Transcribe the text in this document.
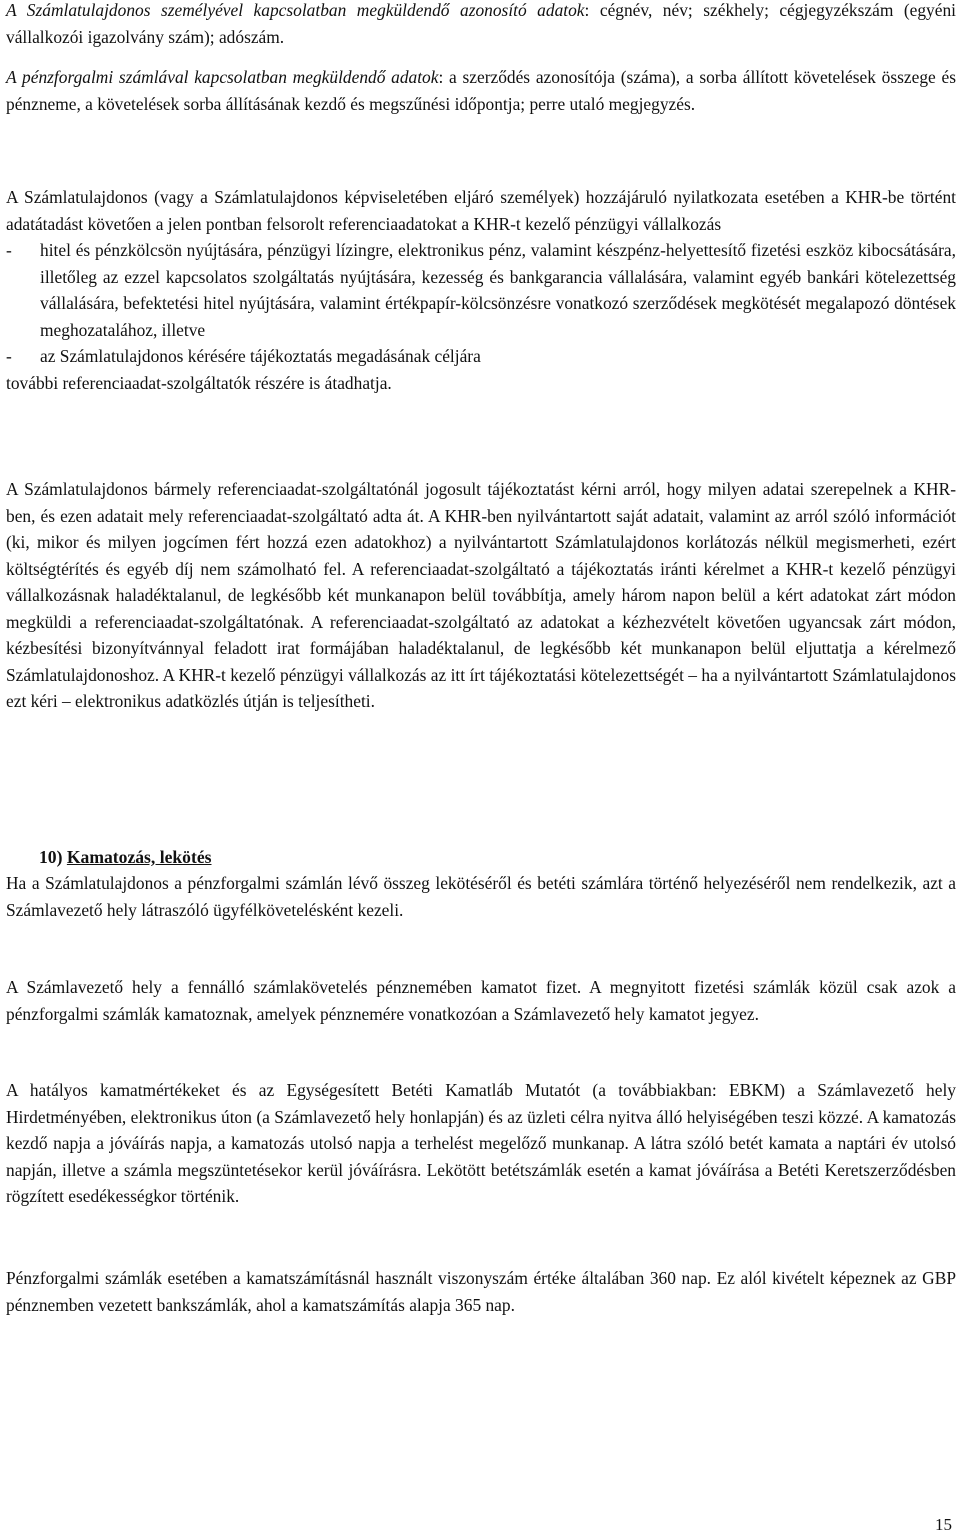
A Számlatulajdonos személyével kapcsolatban megküldendő azonosító adatok: cégnév, név; székhely; cégjegyzékszám (egyéni vállalkozói igazolvány szám); adószám.

A pénzforgalmi számlával kapcsolatban megküldendő adatok: a szerződés azonosítója (száma), a sorba állított követelések összege és pénzneme, a követelések sorba állításának kezdő és megszűnési időpontja; perre utaló megjegyzés.

A Számlatulajdonos (vagy a Számlatulajdonos képviseletében eljáró személyek) hozzájáruló nyilatkozata esetében a KHR-be történt adatátadást követően a jelen pontban felsorolt referenciaadatokat a KHR-t kezelő pénzügyi vállalkozás

-	hitel és pénzkölcsön nyújtására, pénzügyi lízingre, elektronikus pénz, valamint készpénz-helyettesítő fizetési eszköz kibocsátására, illetőleg az ezzel kapcsolatos szolgáltatás nyújtására, kezesség és bankgarancia vállalására, valamint egyéb bankári kötelezettség vállalására, befektetési hitel nyújtására, valamint értékpapír-kölcsönzésre vonatkozó szerződések megkötését megalapozó döntések meghozatalához, illetve
-	az Számlatulajdonos kérésére tájékoztatás megadásának céljára

további referenciaadat-szolgáltatók részére is átadhatja.

A Számlatulajdonos bármely referenciaadat-szolgáltatónál jogosult tájékoztatást kérni arról, hogy milyen adatai szerepelnek a KHR-ben, és ezen adatait mely referenciaadat-szolgáltató adta át. A KHR-ben nyilvántartott saját adatait, valamint az arról szóló információt (ki, mikor és milyen jogcímen fért hozzá ezen adatokhoz) a nyilvántartott Számlatulajdonos korlátozás nélkül megismerheti, ezért költségtérítés és egyéb díj nem számolható fel. A referenciaadat-szolgáltató a tájékoztatás iránti kérelmet a KHR-t kezelő pénzügyi vállalkozásnak haladéktalanul, de legkésőbb két munkanapon belül továbbítja, amely három napon belül a kért adatokat zárt módon megküldi a referenciaadat-szolgáltatónak. A referenciaadat-szolgáltató az adatokat a kézhezvételt követően ugyancsak zárt módon, kézbesítési bizonyítvánnyal feladott irat formájában haladéktalanul, de legkésőbb két munkanapon belül eljuttatja a kérelmező Számlatulajdonoshoz. A KHR-t kezelő pénzügyi vállalkozás az itt írt tájékoztatási kötelezettségét – ha a nyilvántartott Számlatulajdonos ezt kéri – elektronikus adatközlés útján is teljesítheti.

10) Kamatozás, lekötés

Ha a Számlatulajdonos a pénzforgalmi számlán lévő összeg lekötéséről és betéti számlára történő helyezéséről nem rendelkezik, azt a Számlavezető hely látraszóló ügyfélkövetelésként kezeli.

A Számlavezető hely a fennálló számlakövetelés pénznemében kamatot fizet. A megnyitott fizetési számlák közül csak azok a pénzforgalmi számlák kamatoznak, amelyek pénznemére vonatkozóan a Számlavezető hely kamatot jegyez.

A hatályos kamatmértékeket és az Egységesített Betéti Kamatláb Mutatót (a továbbiakban: EBKM) a Számlavezető hely Hirdetményében, elektronikus úton (a Számlavezető hely honlapján) és az üzleti célra nyitva álló helyiségében teszi közzé. A kamatozás kezdő napja a jóváírás napja, a kamatozás utolsó napja a terhelést megelőző munkanap. A látra szóló betét kamata a naptári év utolsó napján, illetve a számla megszüntetésekor kerül jóváírásra. Lekötött betétszámlák esetén a kamat jóváírása a Betéti Keretszerződésben rögzített esedékességkor történik.

Pénzforgalmi számlák esetében a kamatszámításnál használt viszonyszám értéke általában 360 nap. Ez alól kivételt képeznek az GBP pénznemben vezetett bankszámlák, ahol a kamatszámítás alapja 365 nap.

15
